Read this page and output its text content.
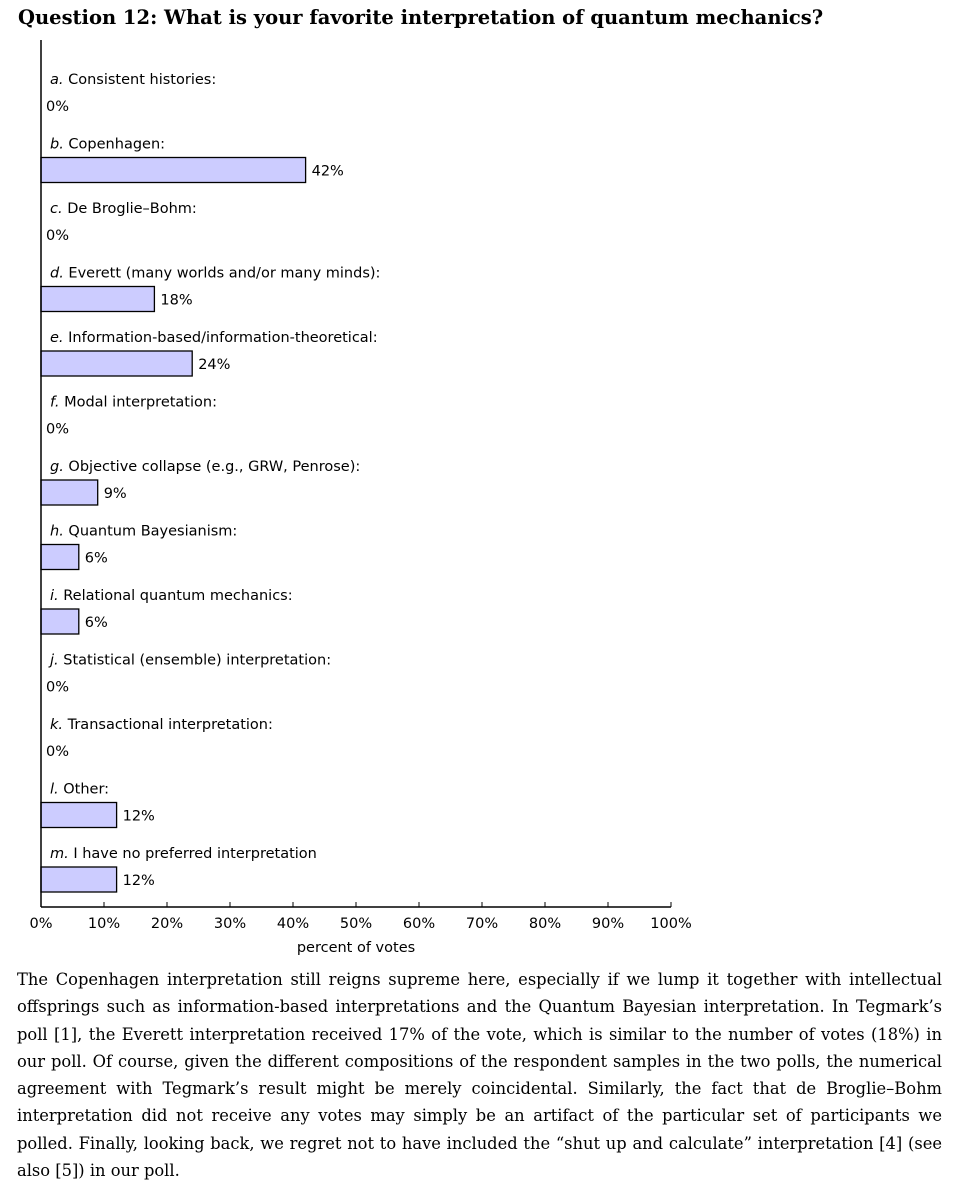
Question 12: What is your favorite interpretation of quantum mechanics?
a. Consistent histories:
0%
b. Copenhagen:
42%
c. De Broglie–Bohm:
0%
d. Everett (many worlds and/or many minds):
18%
e. Information-based/information-theoretical:
24%
f. Modal interpretation:
0%
g. Objective collapse (e.g., GRW, Penrose):
9%
h. Quantum Bayesianism:
6%
i. Relational quantum mechanics:
6%
j. Statistical (ensemble) interpretation:
0%
k. Transactional interpretation:
0%
l. Other:
12%
m. I have no preferred interpretation
12%
0% 10% 20% 30% 40% 50% 60% 70% 80% 90% 100%
percent of votes

The Copenhagen interpretation still reigns supreme here, especially if we lump it together with intellectual offsprings such as information-based interpretations and the Quantum Bayesian interpretation. In Tegmark’s poll [1], the Everett interpretation received 17% of the vote, which is similar to the number of votes (18%) in our poll. Of course, given the different compositions of the respondent samples in the two polls, the numerical agreement with Tegmark’s result might be merely coincidental. Similarly, the fact that de Broglie–Bohm interpretation did not receive any votes may simply be an artifact of the particular set of participants we polled. Finally, looking back, we regret not to have included the “shut up and calculate” interpretation [4] (see also [5]) in our poll.
